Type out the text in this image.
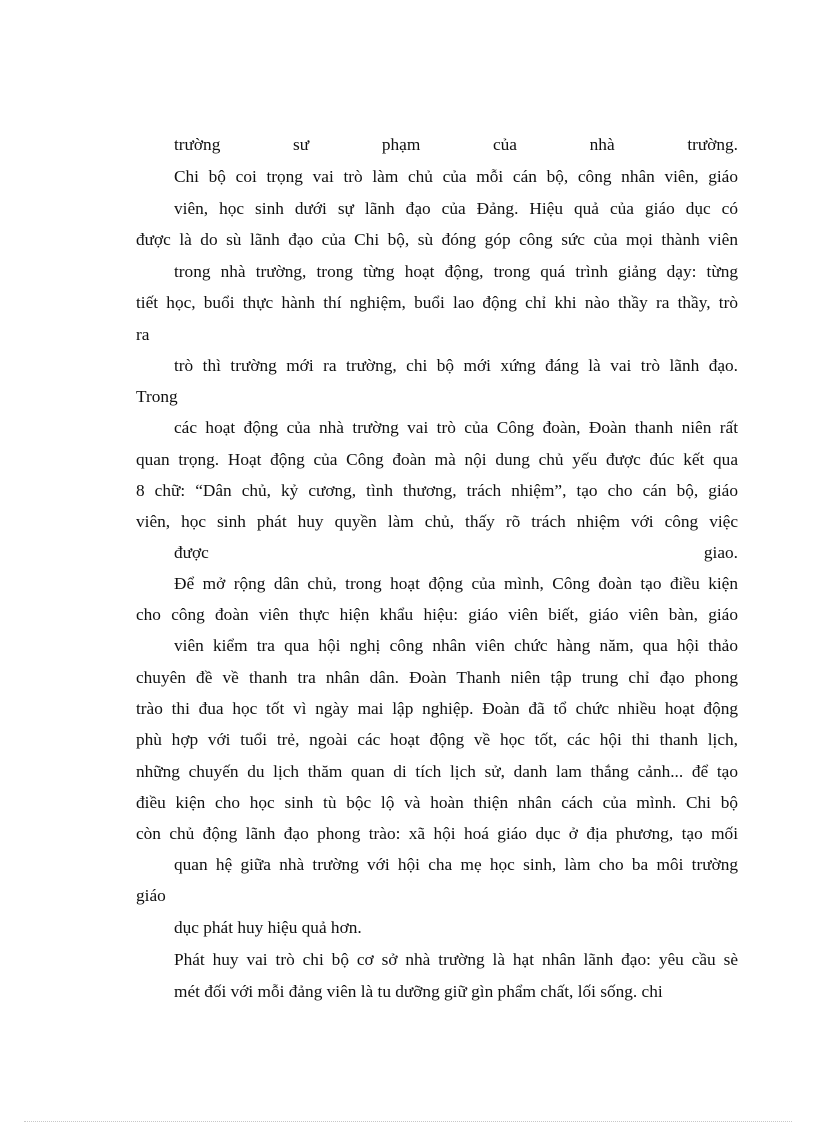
trường sư phạm của nhà trường.
Chi bộ coi trọng vai trò làm chủ của mỗi cán bộ, công nhân viên, giáo
viên, học sinh dưới sự lãnh đạo của Đảng. Hiệu quả của giáo dục có
được là do sù lãnh đạo của Chi bộ, sù đóng góp công sức của mọi thành viên
trong nhà trường, trong từng hoạt động, trong quá trình giảng dạy: từng
tiết học, buổi thực hành thí nghiệm, buổi lao động chỉ khi nào thầy ra thầy, trò
ra
trò thì trường mới ra trường, chi bộ mới xứng đáng là vai trò lãnh đạo.
Trong
các hoạt động của nhà trường vai trò của Công đoàn, Đoàn thanh niên rất
quan trọng. Hoạt động của Công đoàn mà nội dung chủ yếu được đúc kết qua
8 chữ: “Dân chủ, kỷ cương, tình thương, trách nhiệm”, tạo cho cán bộ, giáo
viên, học sinh phát huy quyền làm chủ, thấy rõ trách nhiệm với công việc
được giao.
Để mở rộng dân chủ, trong hoạt động của mình, Công đoàn tạo điều kiện
cho công đoàn viên thực hiện khẩu hiệu: giáo viên biết, giáo viên bàn, giáo
viên kiểm tra qua hội nghị công nhân viên chức hàng năm, qua hội thảo
chuyên đề về thanh tra nhân dân. Đoàn Thanh niên tập trung chỉ đạo phong
trào thi đua học tốt vì ngày mai lập nghiệp. Đoàn đã tổ chức nhiều hoạt động
phù hợp với tuổi trẻ, ngoài các hoạt động về học tốt, các hội thi thanh lịch,
những chuyến du lịch thăm quan di tích lịch sử, danh lam thắng cảnh... để tạo
điều kiện cho học sinh tù bộc lộ và hoàn thiện nhân cách của mình. Chi bộ
còn chủ động lãnh đạo phong trào: xã hội hoá giáo dục ở địa phương, tạo mối
quan hệ giữa nhà trường với hội cha mẹ học sinh, làm cho ba môi trường
giáo
dục phát huy hiệu quả hơn.
Phát huy vai trò chi bộ cơ sở nhà trường là hạt nhân lãnh đạo: yêu cầu sè
mét đối với mỗi đảng viên là tu dưỡng giữ gìn phẩm chất, lối sống. chi
